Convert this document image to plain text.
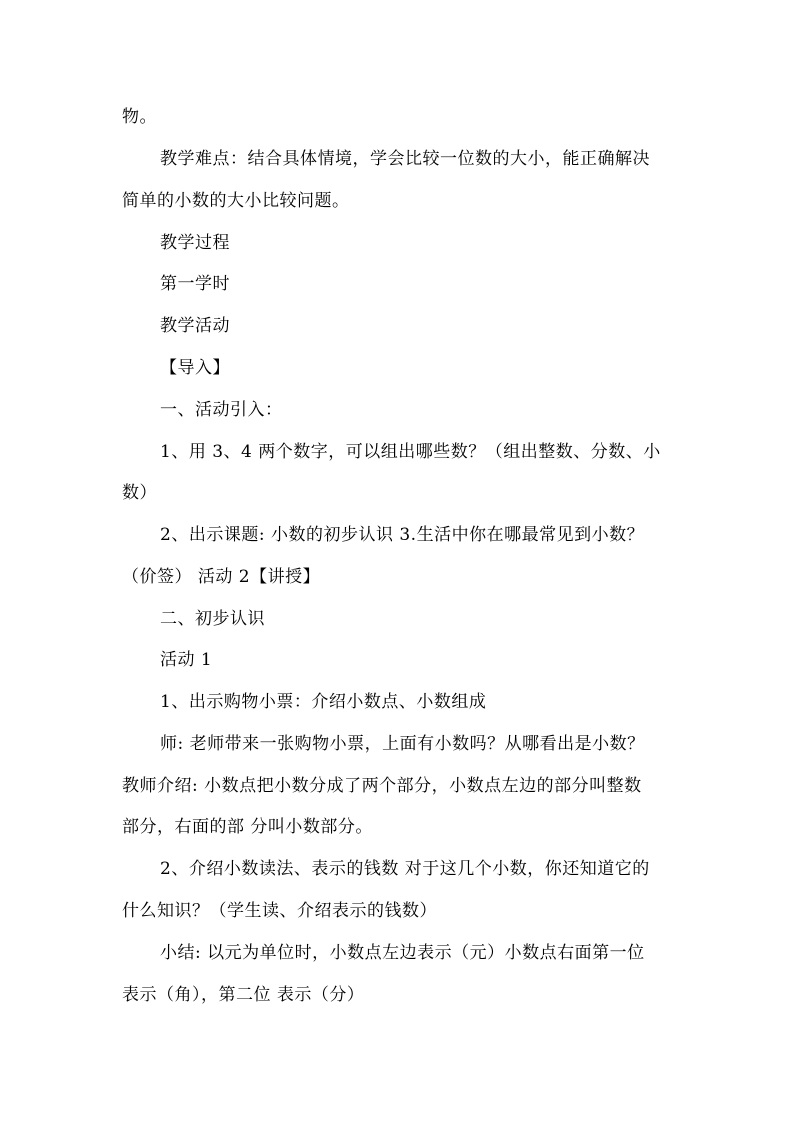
物。
教学难点：结合具体情境，学会比较一位数的大小，能正确解决
简单的小数的大小比较问题。
教学过程
第一学时
教学活动
【导入】
一、活动引入：
1、用 3、4 两个数字，可以组出哪些数？（组出整数、分数、小
数）
2、出示课题: 小数的初步认识 3.生活中你在哪最常见到小数？
（价签） 活动 2【讲授】
二、初步认识
活动 1
1、出示购物小票：介绍小数点、小数组成
师: 老师带来一张购物小票，上面有小数吗？从哪看出是小数？
教师介绍: 小数点把小数分成了两个部分，小数点左边的部分叫整数
部分，右面的部 分叫小数部分。
2、介绍小数读法、表示的钱数 对于这几个小数，你还知道它的
什么知识？（学生读、介绍表示的钱数）
小结: 以元为单位时，小数点左边表示（元）小数点右面第一位
表示（角），第二位 表示（分）
